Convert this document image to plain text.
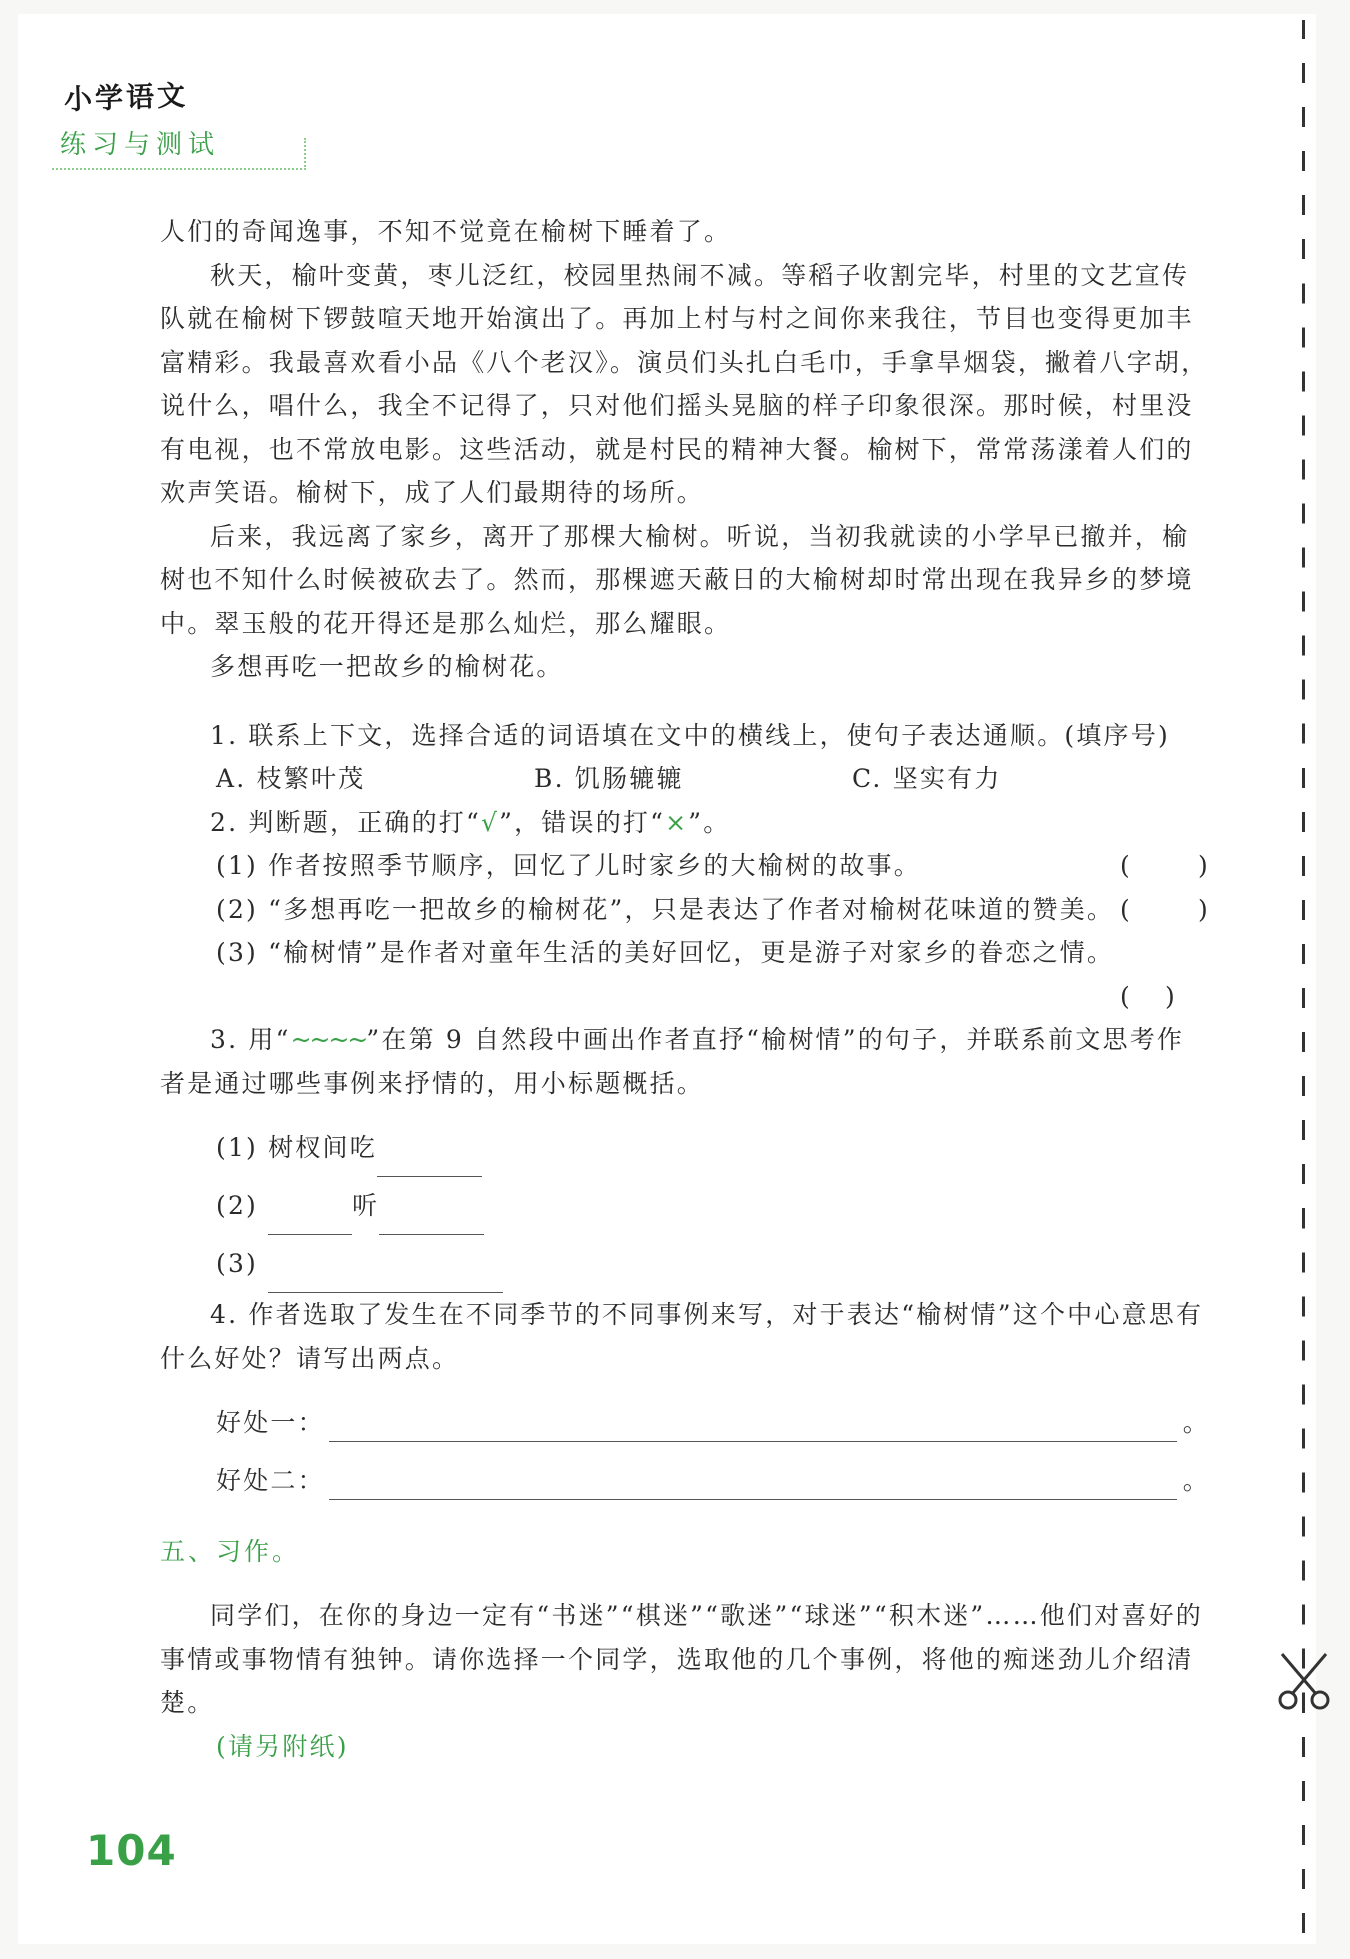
小学语文
练习与测试

人们的奇闻逸事，不知不觉竟在榆树下睡着了。

秋天，榆叶变黄，枣儿泛红，校园里热闹不减。等稻子收割完毕，村里的文艺宣传队就在榆树下锣鼓喧天地开始演出了。再加上村与村之间你来我往，节目也变得更加丰富精彩。我最喜欢看小品《八个老汉》。演员们头扎白毛巾，手拿旱烟袋，撇着八字胡，说什么，唱什么，我全不记得了，只对他们摇头晃脑的样子印象很深。那时候，村里没有电视，也不常放电影。这些活动，就是村民的精神大餐。榆树下，常常荡漾着人们的欢声笑语。榆树下，成了人们最期待的场所。

后来，我远离了家乡，离开了那棵大榆树。听说，当初我就读的小学早已撤并，榆树也不知什么时候被砍去了。然而，那棵遮天蔽日的大榆树却时常出现在我异乡的梦境中。翠玉般的花开得还是那么灿烂，那么耀眼。

多想再吃一把故乡的榆树花。

1. 联系上下文，选择合适的词语填在文中的横线上，使句子表达通顺。(填序号)

A. 枝繁叶茂	B. 饥肠辘辘	C. 坚实有力

2. 判断题，正确的打“√”，错误的打“×”。

(1) 作者按照季节顺序，回忆了儿时家乡的大榆树的故事。	(	)
(2) “多想再吃一把故乡的榆树花”，只是表达了作者对榆树花味道的赞美。 (	)
(3) “榆树情”是作者对童年生活的美好回忆，更是游子对家乡的眷恋之情。
(	)

3. 用“~~~~”在第 9 自然段中画出作者直抒“榆树情”的句子，并联系前文思考作者是通过哪些事例来抒情的，用小标题概括。

(1) 树杈间吃
(2)
	听
(3)

4. 作者选取了发生在不同季节的不同事例来写，对于表达“榆树情”这个中心意思有什么好处？请写出两点。

好处一：	。
好处二：	。
五、习作。

同学们，在你的身边一定有“书迷”“棋迷”“歌迷”“球迷”“积木迷”……他们对喜好的事情或事物情有独钟。请你选择一个同学，选取他的几个事例，将他的痴迷劲儿介绍清楚。

(请另附纸)

104
